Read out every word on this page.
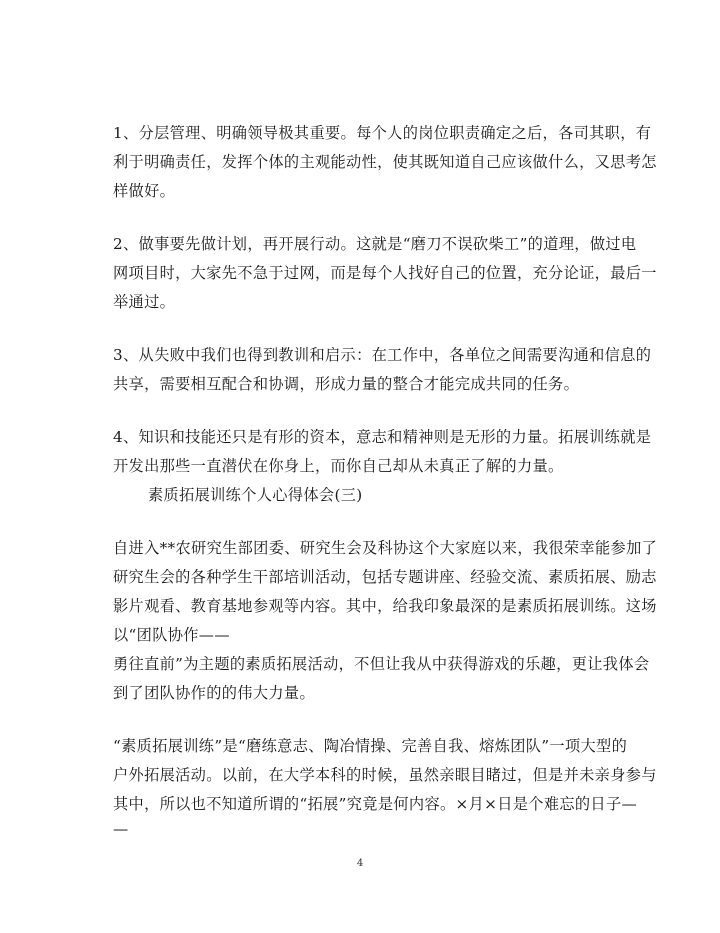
1、分层管理、明确领导极其重要。每个人的岗位职责确定之后，各司其职，有
利于明确责任，发挥个体的主观能动性，使其既知道自己应该做什么，又思考怎
样做好。
2、做事要先做计划，再开展行动。这就是“磨刀不误砍柴工”的道理，做过电
网项目时，大家先不急于过网，而是每个人找好自己的位置，充分论证，最后一
举通过。
3、从失败中我们也得到教训和启示：在工作中，各单位之间需要沟通和信息的
共享，需要相互配合和协调，形成力量的整合才能完成共同的任务。
4、知识和技能还只是有形的资本，意志和精神则是无形的力量。拓展训练就是
开发出那些一直潜伏在你身上，而你自己却从未真正了解的力量。
素质拓展训练个人心得体会(三)
自进入**农研究生部团委、研究生会及科协这个大家庭以来，我很荣幸能参加了
研究生会的各种学生干部培训活动，包括专题讲座、经验交流、素质拓展、励志
影片观看、教育基地参观等内容。其中，给我印象最深的是素质拓展训练。这场
以“团队协作——
勇往直前”为主题的素质拓展活动，不但让我从中获得游戏的乐趣，更让我体会
到了团队协作的的伟大力量。
“素质拓展训练”是“磨练意志、陶冶情操、完善自我、熔炼团队”一项大型的
户外拓展活动。以前，在大学本科的时候，虽然亲眼目睹过，但是并未亲身参与
其中，所以也不知道所谓的“拓展”究竟是何内容。×月×日是个难忘的日子—
—
4
